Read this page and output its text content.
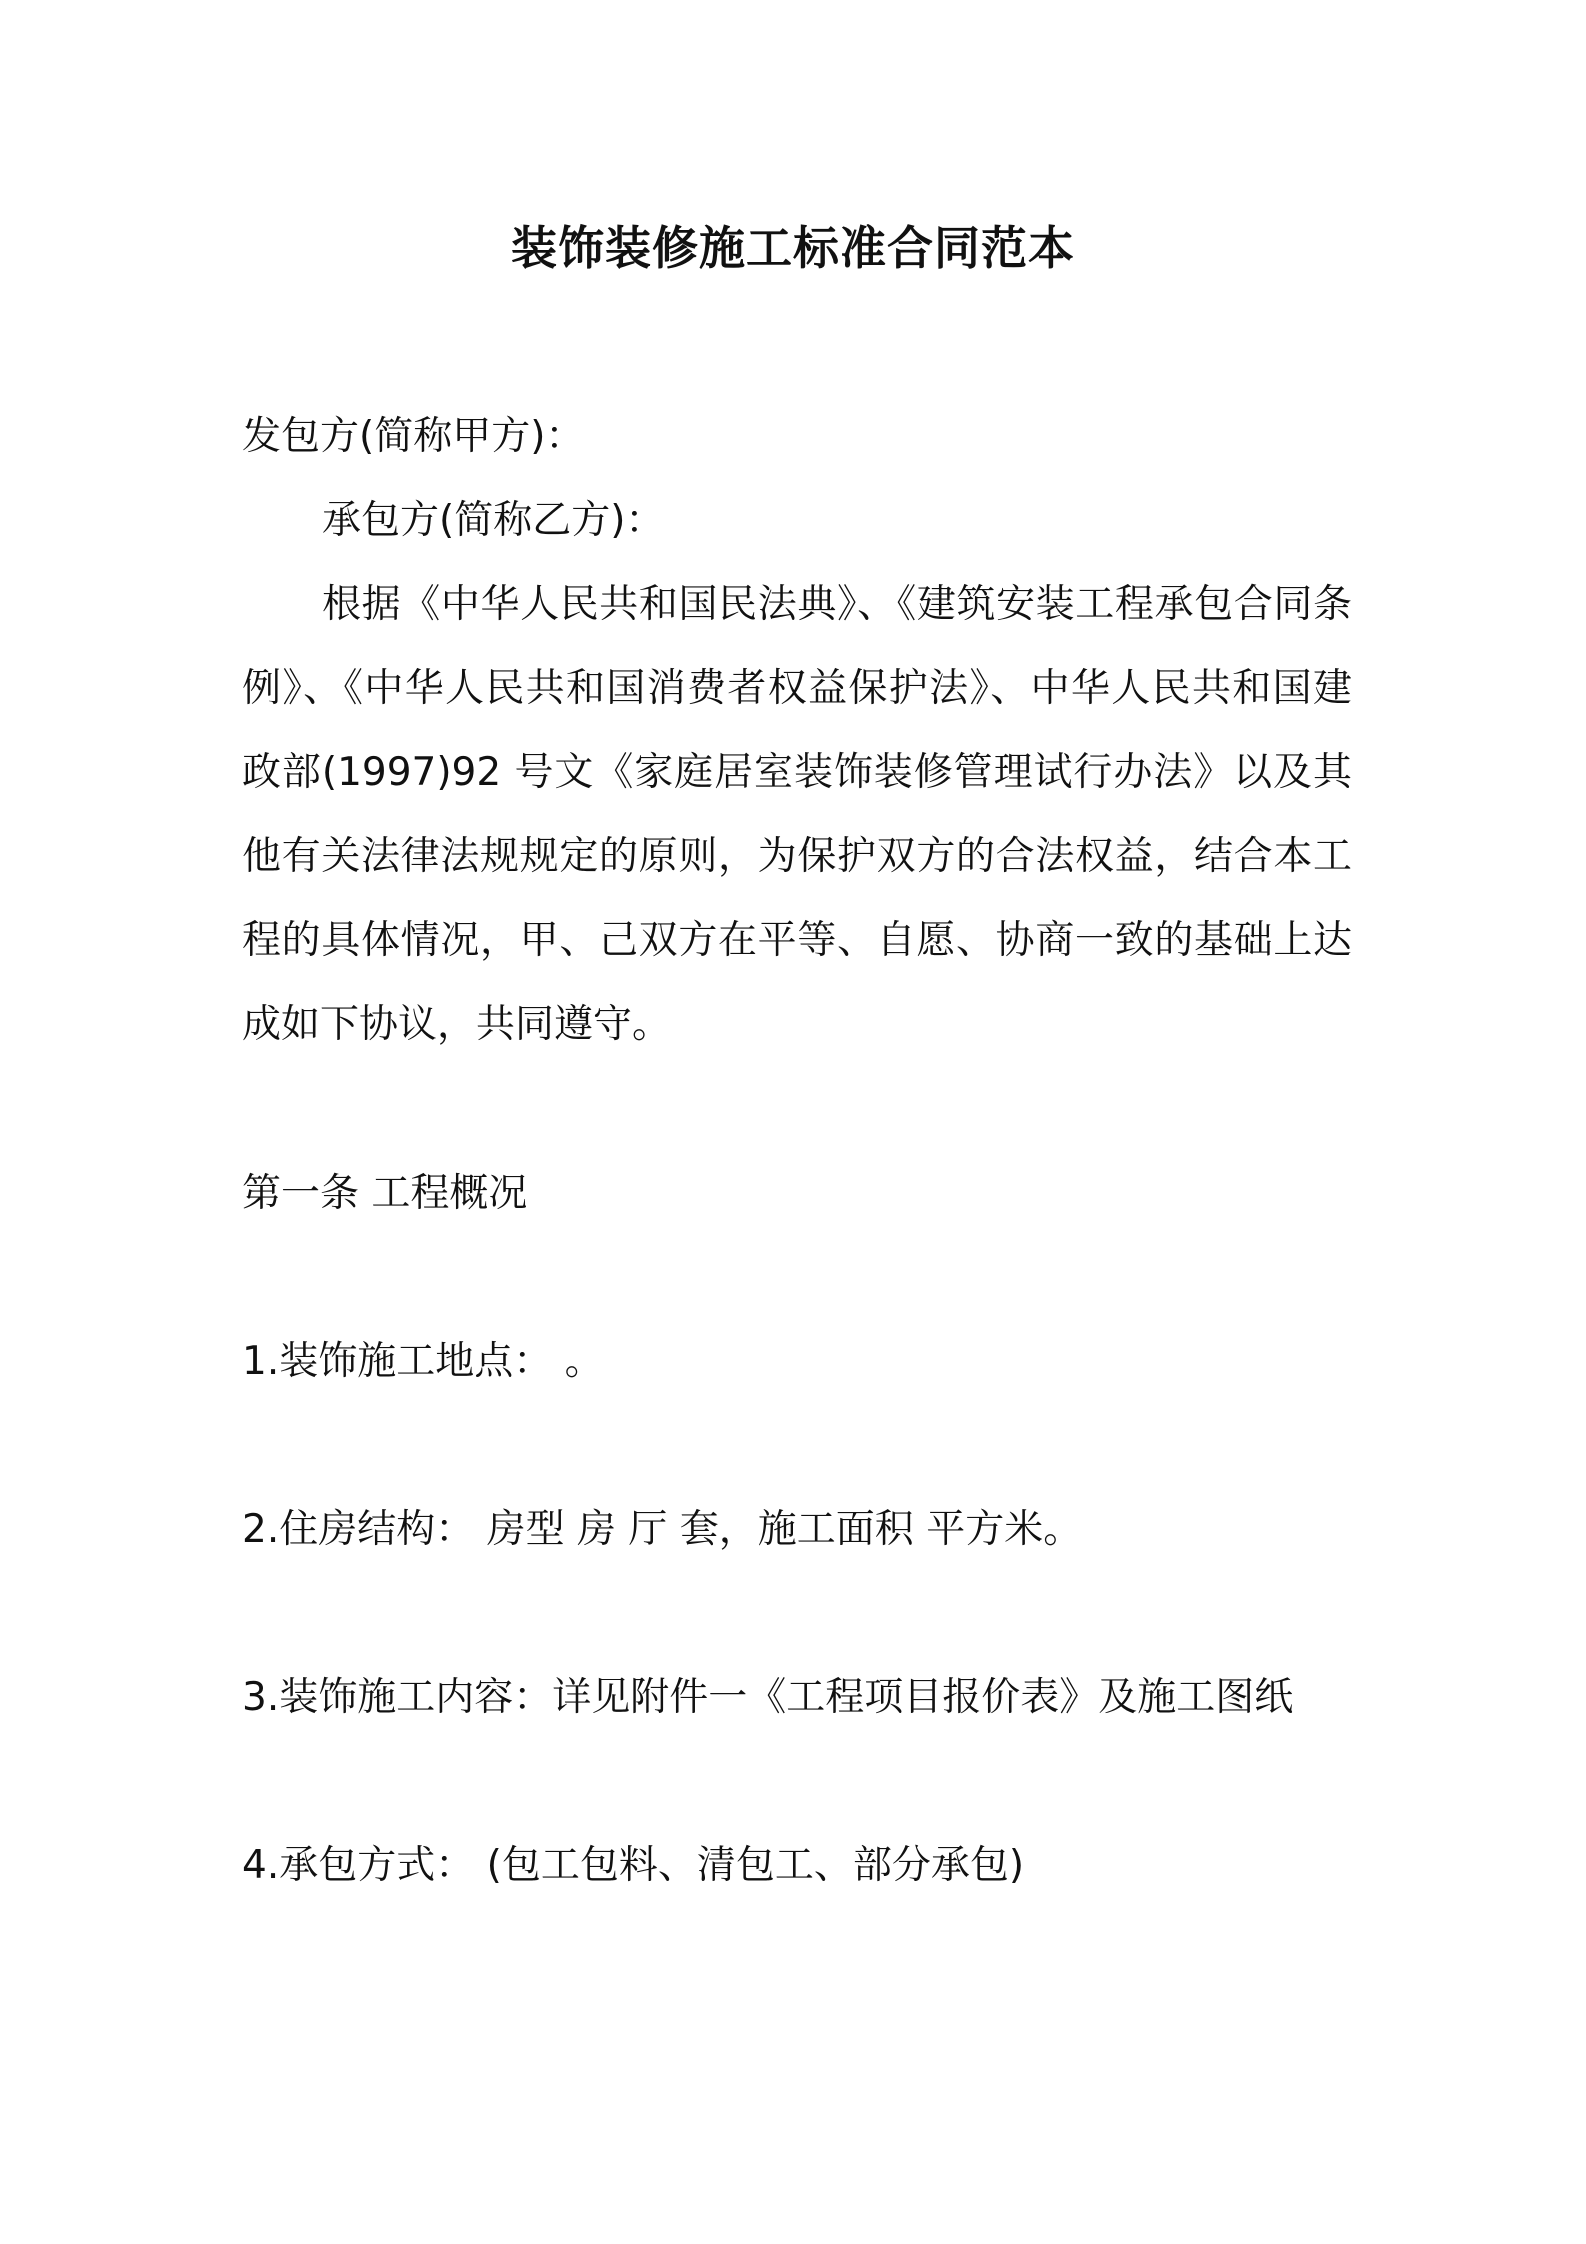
装饰装修施工标准合同范本
发包方(简称甲方)：
承包方(简称乙方)：
根据《中华人民共和国民法典》、《建筑安装工程承包合同条例》、《中华人民共和国消费者权益保护法》、中华人民共和国建政部(1997)92 号文《家庭居室装饰装修管理试行办法》以及其他有关法律法规规定的原则，为保护双方的合法权益，结合本工程的具体情况，甲、己双方在平等、自愿、协商一致的基础上达成如下协议，共同遵守。
第一条 工程概况
1.装饰施工地点： 。
2.住房结构： 房型 房 厅 套，施工面积 平方米。
3.装饰施工内容：详见附件一《工程项目报价表》及施工图纸
4.承包方式： (包工包料、清包工、部分承包)
